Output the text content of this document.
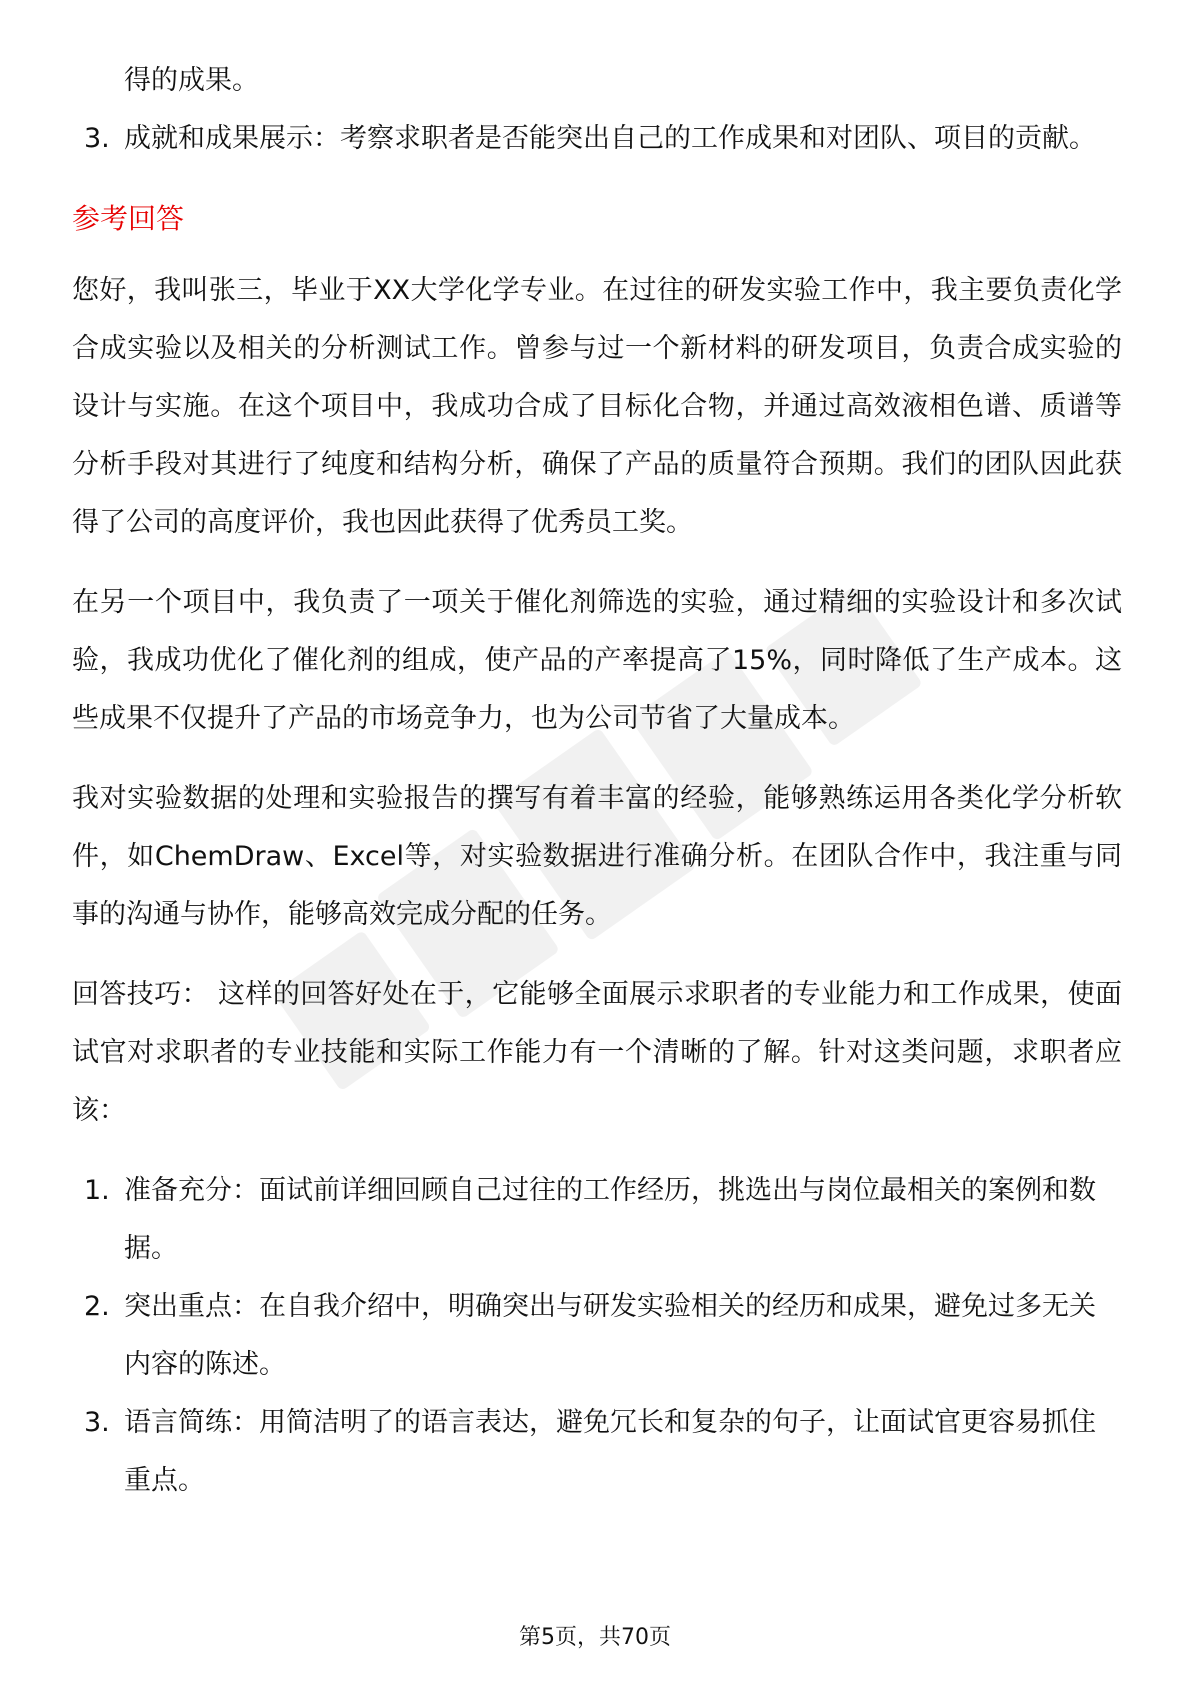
得的成果。
3. 成就和成果展示：考察求职者是否能突出自己的工作成果和对团队、项目的贡献。
参考回答

您好，我叫张三，毕业于XX大学化学专业。在过往的研发实验工作中，我主要负责化学合成实验以及相关的分析测试工作。曾参与过一个新材料的研发项目，负责合成实验的设计与实施。在这个项目中，我成功合成了目标化合物，并通过高效液相色谱、质谱等分析手段对其进行了纯度和结构分析，确保了产品的质量符合预期。我们的团队因此获得了公司的高度评价，我也因此获得了优秀员工奖。

在另一个项目中，我负责了一项关于催化剂筛选的实验，通过精细的实验设计和多次试验，我成功优化了催化剂的组成，使产品的产率提高了15%，同时降低了生产成本。这些成果不仅提升了产品的市场竞争力，也为公司节省了大量成本。

我对实验数据的处理和实验报告的撰写有着丰富的经验，能够熟练运用各类化学分析软件，如ChemDraw、Excel等，对实验数据进行准确分析。在团队合作中，我注重与同事的沟通与协作，能够高效完成分配的任务。

回答技巧： 这样的回答好处在于，它能够全面展示求职者的专业能力和工作成果，使面试官对求职者的专业技能和实际工作能力有一个清晰的了解。针对这类问题，求职者应该：

1. 准备充分：面试前详细回顾自己过往的工作经历，挑选出与岗位最相关的案例和数据。
2. 突出重点：在自我介绍中，明确突出与研发实验相关的经历和成果，避免过多无关内容的陈述。
3. 语言简练：用简洁明了的语言表达，避免冗长和复杂的句子，让面试官更容易抓住重点。
第5页，共70页
